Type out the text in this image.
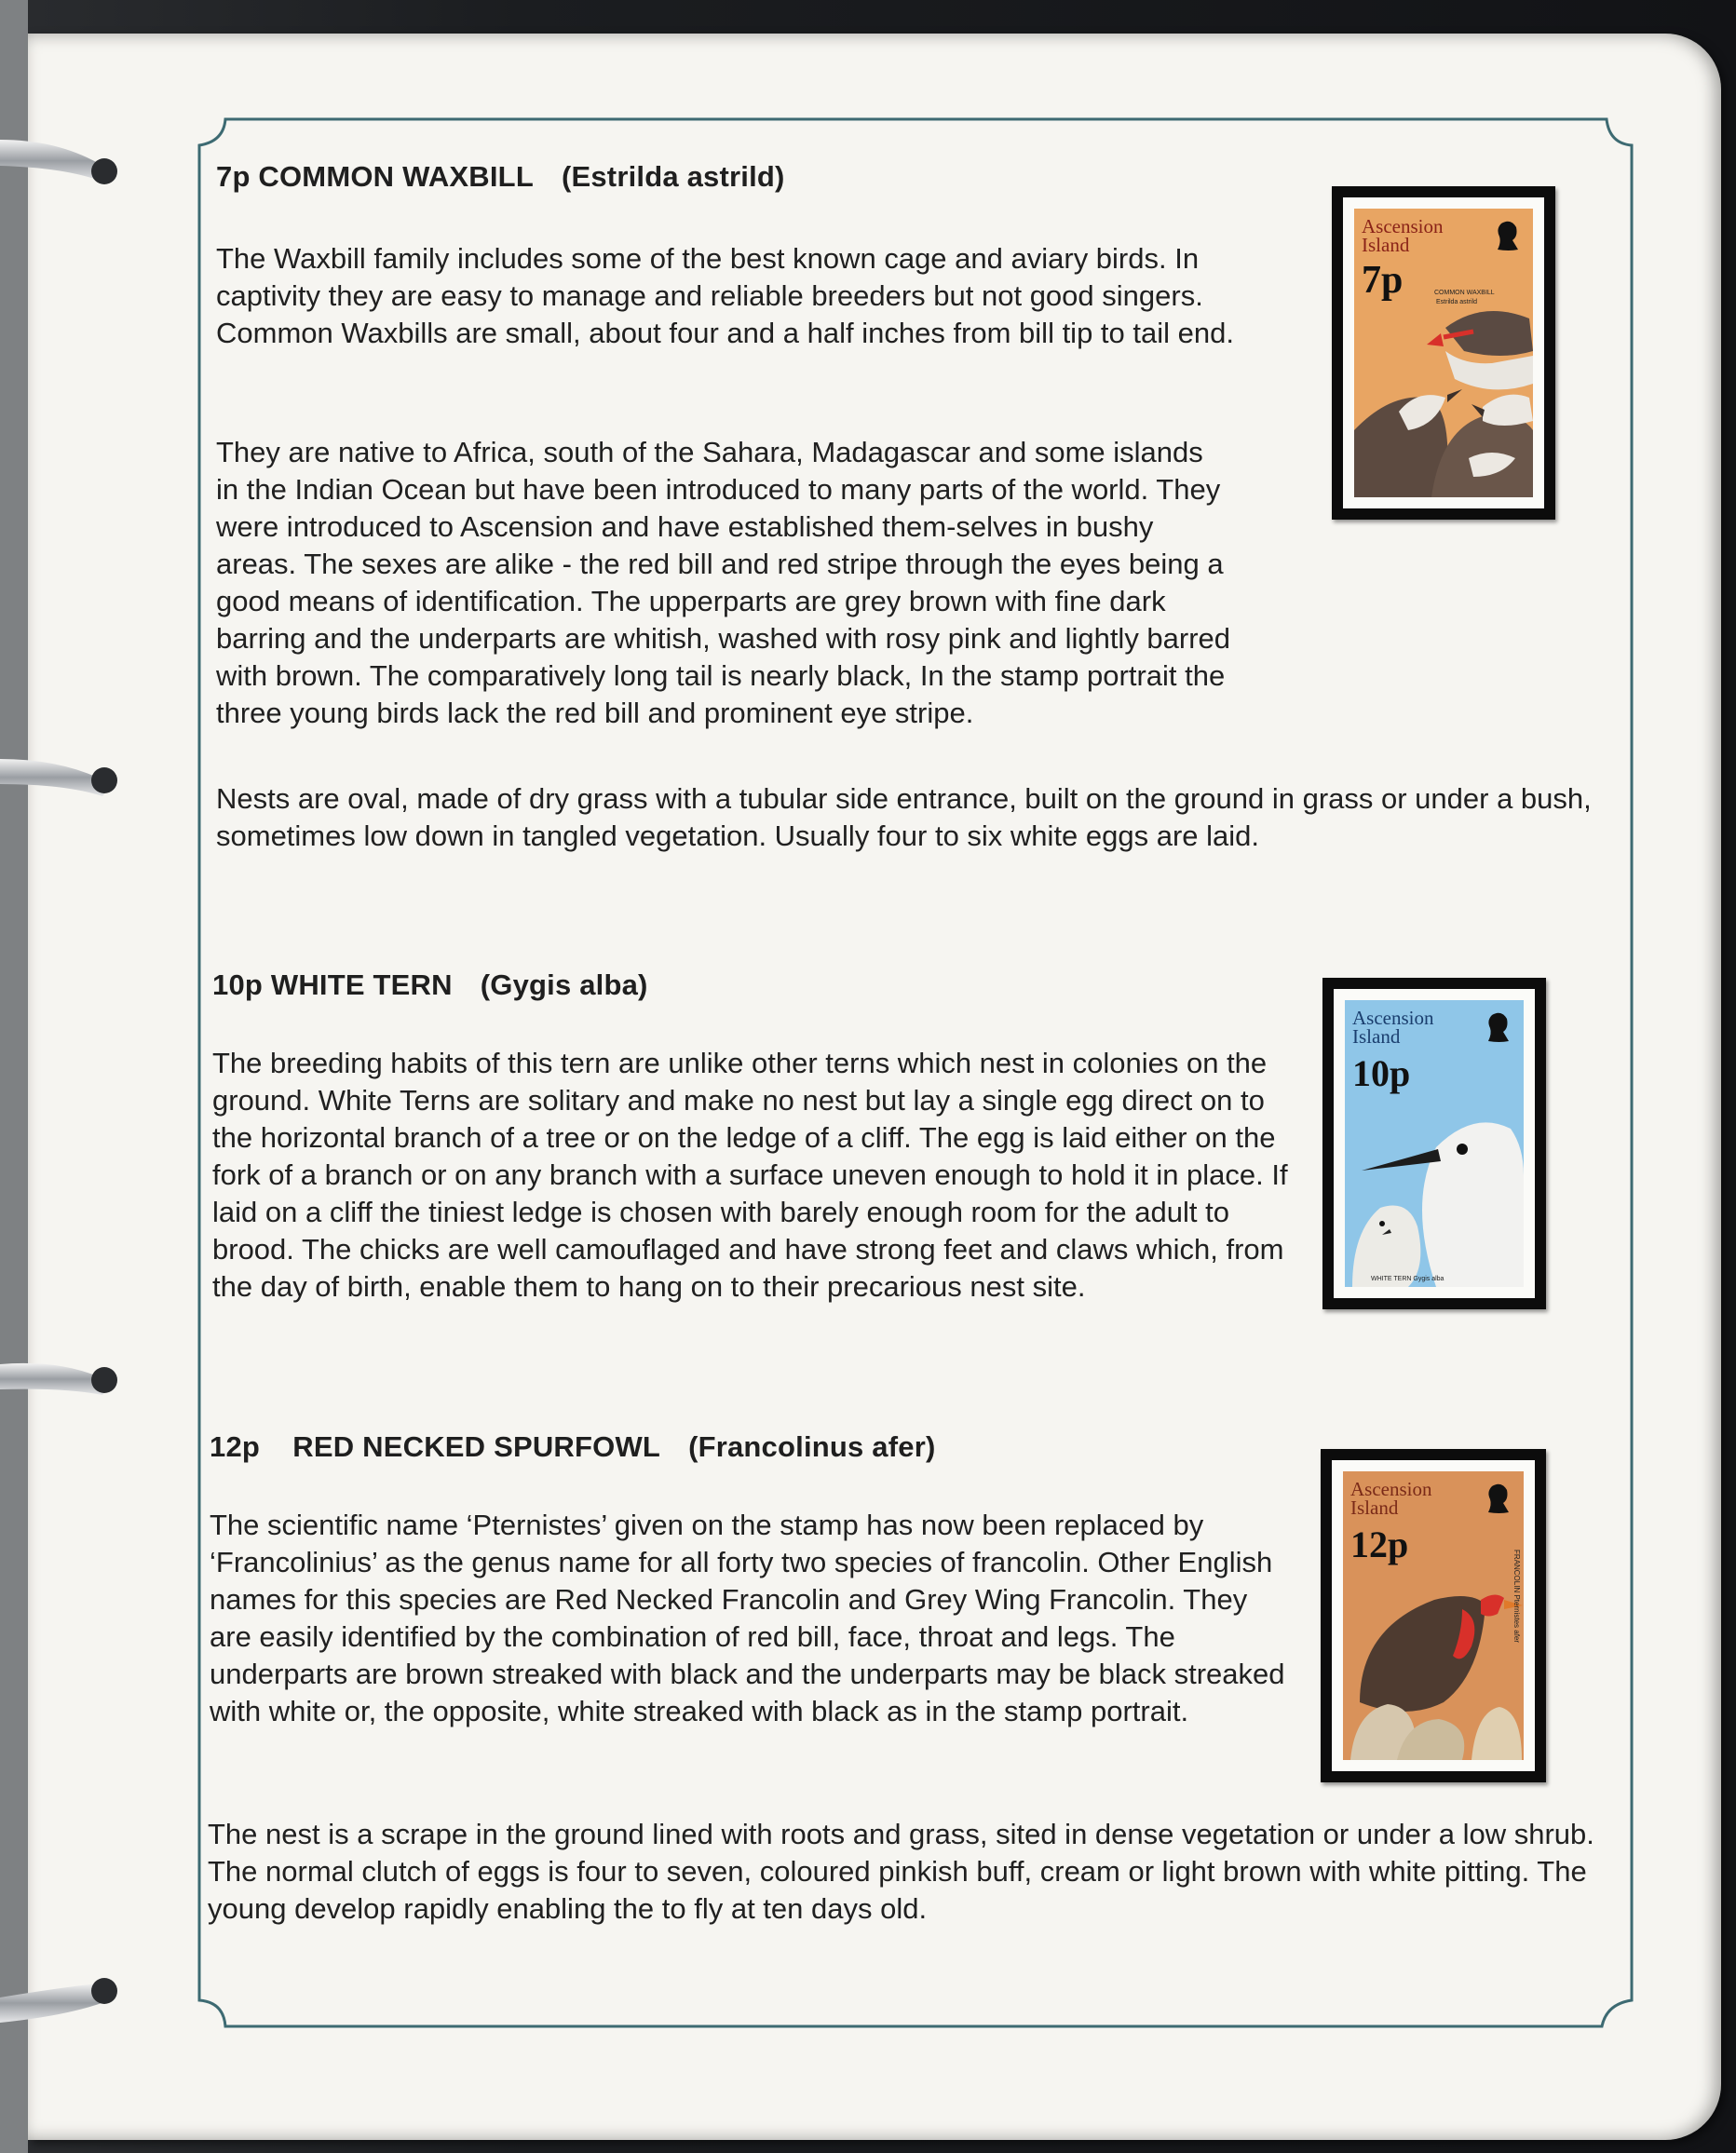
7p COMMON WAXBILL (Estrilda astrild)

The Waxbill family includes some of the best known cage and aviary birds. In captivity they are easy to manage and reliable breeders but not good singers. Common Waxbills are small, about four and a half inches from bill tip to tail end.

They are native to Africa, south of the Sahara, Madagascar and some islands in the Indian Ocean but have been introduced to many parts of the world. They were introduced to Ascension and have established them-selves in bushy areas. The sexes are alike - the red bill and red stripe through the eyes being a good means of identification. The upperparts are grey brown with fine dark barring and the underparts are whitish, washed with rosy pink and lightly barred with brown. The comparatively long tail is nearly black, In the stamp portrait the three young birds lack the red bill and prominent eye stripe.

Nests are oval, made of dry grass with a tubular side entrance, built on the ground in grass or under a bush, sometimes low down in tangled vegetation. Usually four to six white eggs are laid.

10p WHITE TERN (Gygis alba)

The breeding habits of this tern are unlike other terns which nest in colonies on the ground. White Terns are solitary and make no nest but lay a single egg direct on to the horizontal branch of a tree or on the ledge of a cliff. The egg is laid either on the fork of a branch or on any branch with a surface uneven enough to hold it in place. If laid on a cliff the tiniest ledge is chosen with barely enough room for the adult to brood. The chicks are well camouflaged and have strong feet and claws which, from the day of birth, enable them to hang on to their precarious nest site.

12p RED NECKED SPURFOWL (Francolinus afer)

The scientific name ‘Pternistes’ given on the stamp has now been replaced by ‘Francolinius’ as the genus name for all forty two species of francolin. Other English names for this species are Red Necked Francolin and Grey Wing Francolin. They are easily identified by the combination of red bill, face, throat and legs. The underparts are brown streaked with black and the underparts may be black streaked with white or, the opposite, white streaked with black as in the stamp portrait.

The nest is a scrape in the ground lined with roots and grass, sited in dense vegetation or under a low shrub. The normal clutch of eggs is four to seven, coloured pinkish buff, cream or light brown with white pitting. The young develop rapidly enabling the to fly at ten days old.

Ascension
Island
7p	COMMON WAXBILL
Estrilda astrild
Ascension
Island
10p
WHITE TERN Gygis alba
Ascension
Island
12p
FRANCOLIN Pternistes afer
